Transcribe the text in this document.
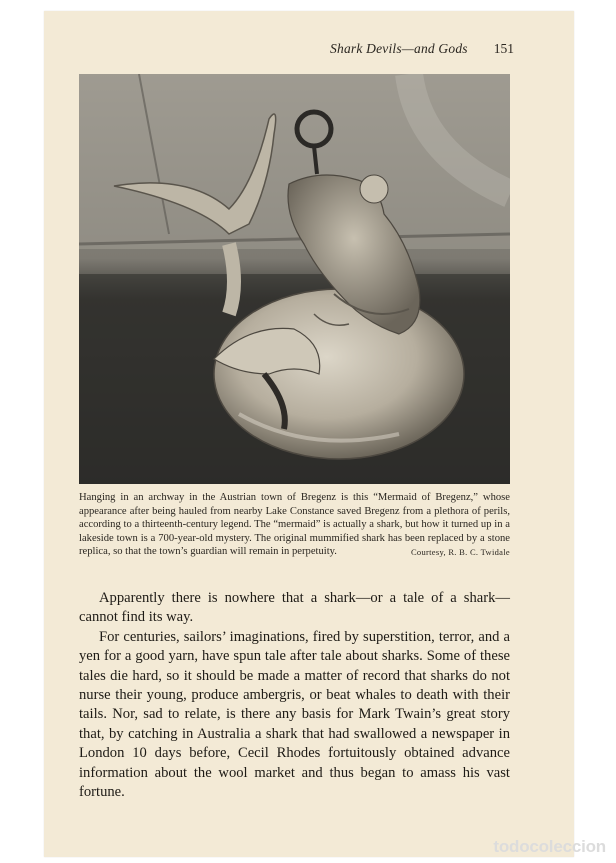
Shark Devils—and Gods 151
Hanging in an archway in the Austrian town of Bregenz is this “Mermaid of Bregenz,” whose appearance after being hauled from nearby Lake Constance saved Bregenz from a plethora of perils, according to a thirteenth-century legend. The “mermaid” is actually a shark, but how it turned up in a lakeside town is a 700-year-old mystery. The original mummified shark has been replaced by a stone replica, so that the town’s guardian will remain in perpetuity.	Courtesy, R. B. C. Twidale

Apparently there is nowhere that a shark—or a tale of a shark—cannot find its way.

For centuries, sailors’ imaginations, fired by superstition, terror, and a yen for a good yarn, have spun tale after tale about sharks. Some of these tales die hard, so it should be made a matter of record that sharks do not nurse their young, produce ambergris, or beat whales to death with their tails. Nor, sad to relate, is there any basis for Mark Twain’s great story that, by catching in Australia a shark that had swallowed a newspaper in London 10 days before, Cecil Rhodes fortuitously obtained advance information about the wool market and thus began to amass his vast fortune.

todocoleccion
